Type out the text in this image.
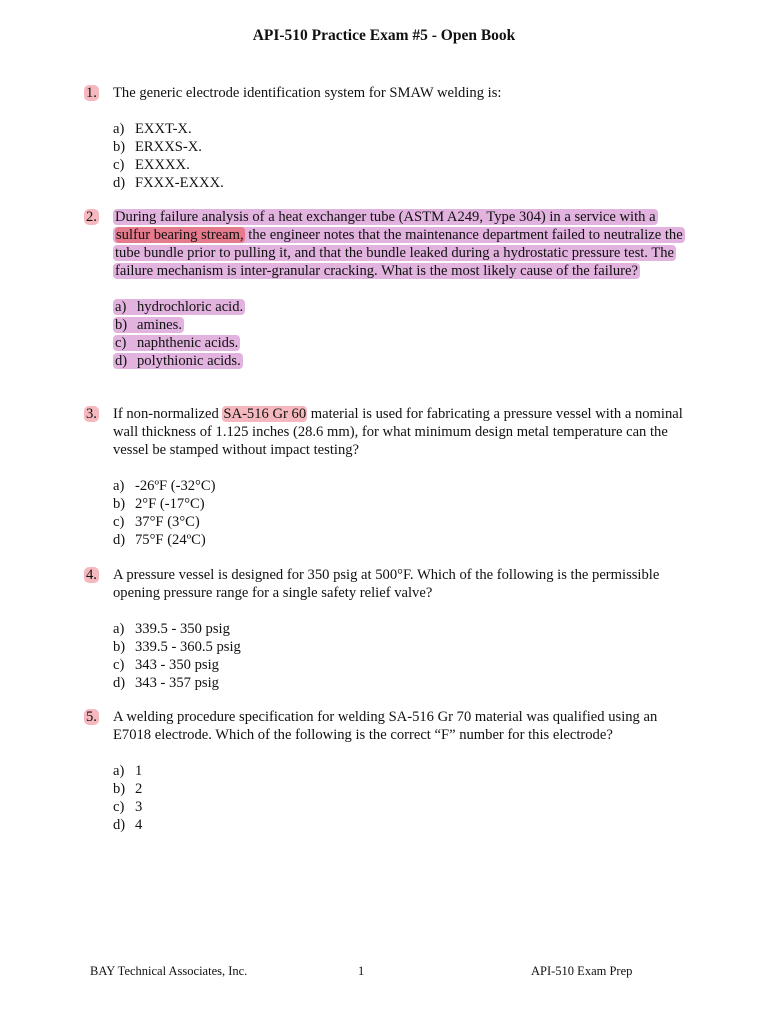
API-510 Practice Exam #5 - Open Book
1.	The generic electrode identification system for SMAW welding is:
a) EXXT-X.
b) ERXXS-X.
c) EXXXX.
d) FXXX-EXXX.
2.	During failure analysis of a heat exchanger tube (ASTM A249, Type 304) in a service with a sulfur bearing stream, the engineer notes that the maintenance department failed to neutralize the tube bundle prior to pulling it, and that the bundle leaked during a hydrostatic pressure test. The failure mechanism is inter-granular cracking. What is the most likely cause of the failure?
a) hydrochloric acid.
b) amines.
c) naphthenic acids.
d) polythionic acids.
3.	If non-normalized SA-516 Gr 60 material is used for fabricating a pressure vessel with a nominal wall thickness of 1.125 inches (28.6 mm), for what minimum design metal temperature can the vessel be stamped without impact testing?
a) -26ºF (-32°C)
b) 2°F (-17°C)
c) 37°F (3°C)
d) 75°F (24ºC)
4.	A pressure vessel is designed for 350 psig at 500°F. Which of the following is the permissible opening pressure range for a single safety relief valve?
a) 339.5 - 350 psig
b) 339.5 - 360.5 psig
c) 343 - 350 psig
d) 343 - 357 psig
5.	A welding procedure specification for welding SA-516 Gr 70 material was qualified using an E7018 electrode. Which of the following is the correct “F” number for this electrode?
a) 1
b) 2
c) 3
d) 4
BAY Technical Associates, Inc.	1	API-510 Exam Prep
